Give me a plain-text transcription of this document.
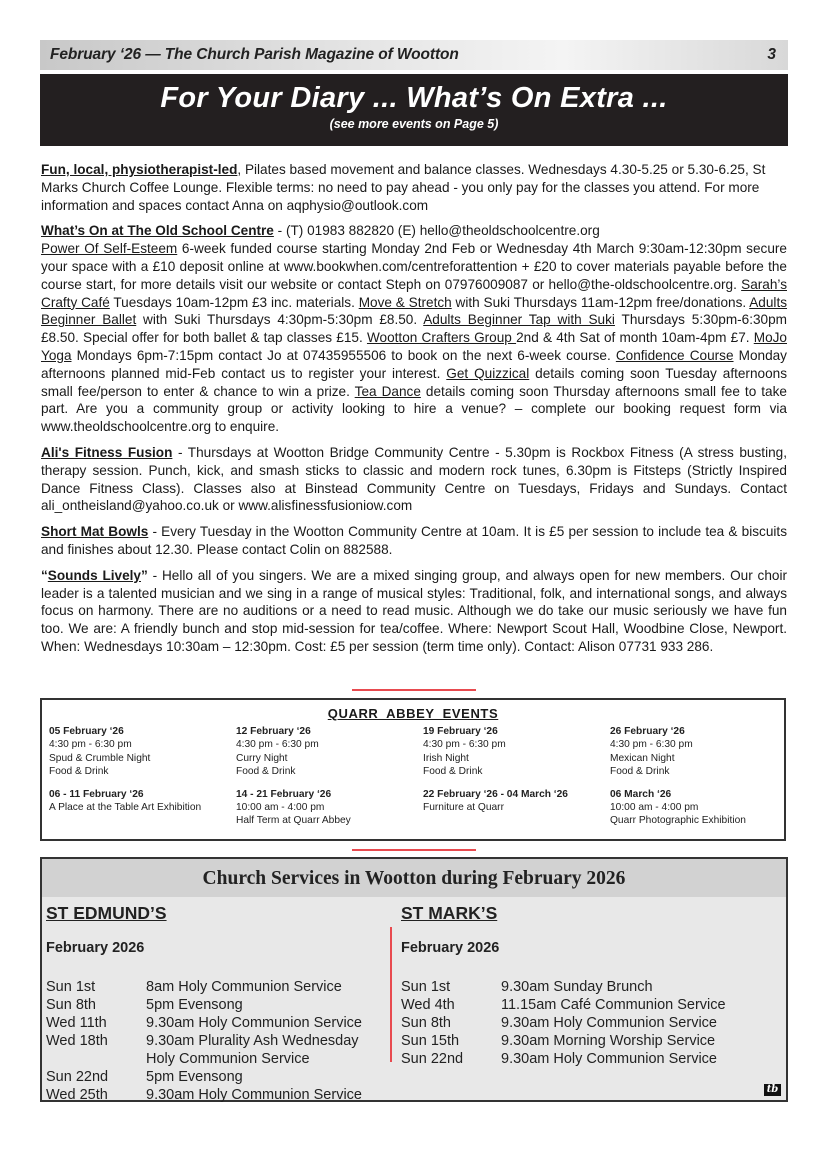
February ‘26 — The Church Parish Magazine of Wootton	3
For Your Diary ... What’s On Extra ...
(see more events on Page 5)

Fun, local, physiotherapist-led, Pilates based movement and balance classes. Wednesdays 4.30-5.25 or 5.30-6.25, St Marks Church Coffee Lounge. Flexible terms: no need to pay ahead - you only pay for the classes you attend. For more information and spaces contact Anna on aqphysio@outlook.com

What’s On at The Old School Centre - (T) 01983 882820 (E) hello@theoldschoolcentre.org
Power Of Self-Esteem 6-week funded course starting Monday 2nd Feb or Wednesday 4th March 9:30am-12:30pm secure your space with a £10 deposit online at www.bookwhen.com/centreforattention + £20 to cover materials payable before the course start, for more details visit our website or contact Steph on 07976009087 or hello@the-oldschoolcentre.org. Sarah’s Crafty Café Tuesdays 10am-12pm £3 inc. materials. Move & Stretch with Suki Thursdays 11am-12pm free/donations. Adults Beginner Ballet with Suki Thursdays 4:30pm-5:30pm £8.50. Adults Beginner Tap with Suki Thursdays 5:30pm-6:30pm £8.50. Special offer for both ballet & tap classes £15. Wootton Crafters Group 2nd & 4th Sat of month 10am-4pm £7. MoJo Yoga Mondays 6pm-7:15pm contact Jo at 07435955506 to book on the next 6-week course. Confidence Course Monday afternoons planned mid-Feb contact us to register your interest. Get Quizzical details coming soon Tuesday afternoons small fee/person to enter & chance to win a prize. Tea Dance details coming soon Thursday afternoons small fee to take part. Are you a community group or activity looking to hire a venue? – complete our booking request form via www.theoldschoolcentre.org to enquire.

Ali's Fitness Fusion - Thursdays at Wootton Bridge Community Centre - 5.30pm is Rockbox Fitness (A stress busting, therapy session. Punch, kick, and smash sticks to classic and modern rock tunes, 6.30pm is Fitsteps (Strictly Inspired Dance Fitness Class). Classes also at Binstead Community Centre on Tuesdays, Fridays and Sundays. Contact ali_ontheisland@yahoo.co.uk or www.alisfinessfusioniow.com

Short Mat Bowls - Every Tuesday in the Wootton Community Centre at 10am. It is £5 per session to include tea & biscuits and finishes about 12.30. Please contact Colin on 882588.

“Sounds Lively” - Hello all of you singers. We are a mixed singing group, and always open for new members. Our choir leader is a talented musician and we sing in a range of musical styles: Traditional, folk, and international songs, and always focus on harmony. There are no auditions or a need to read music. Although we do take our music seriously we have fun too. We are: A friendly bunch and stop mid-session for tea/coffee. Where: Newport Scout Hall, Woodbine Close, Newport. When: Wednesdays 10:30am – 12:30pm. Cost: £5 per session (term time only). Contact: Alison 07731 933 286.

QUARR ABBEY EVENTS
05 February ‘26
4:30 pm - 6:30 pm
Spud & Crumble Night
Food & Drink
12 February ‘26
4:30 pm - 6:30 pm
Curry Night
Food & Drink
19 February ‘26
4:30 pm - 6:30 pm
Irish Night
Food & Drink
26 February ‘26
4:30 pm - 6:30 pm
Mexican Night
Food & Drink
06 - 11 February ‘26
A Place at the Table Art Exhibition
14 - 21 February ‘26
10:00 am - 4:00 pm
Half Term at Quarr Abbey
22 February ‘26 - 04 March ‘26
Furniture at Quarr
06 March ‘26
10:00 am - 4:00 pm
Quarr Photographic Exhibition
Church Services in Wootton during February 2026
ST EDMUND’S
February 2026
Sun 1st	8am Holy Communion Service
Sun 8th	5pm Evensong
Wed 11th	9.30am Holy Communion Service
Wed 18th	9.30am Plurality Ash Wednesday
Holy Communion Service
Sun 22nd	5pm Evensong
Wed 25th	9.30am Holy Communion Service
ST MARK’S
February 2026
Sun 1st	9.30am Sunday Brunch
Wed 4th	11.15am Café Communion Service
Sun 8th	9.30am Holy Communion Service
Sun 15th	9.30am Morning Worship Service
Sun 22nd	9.30am Holy Communion Service
tb
